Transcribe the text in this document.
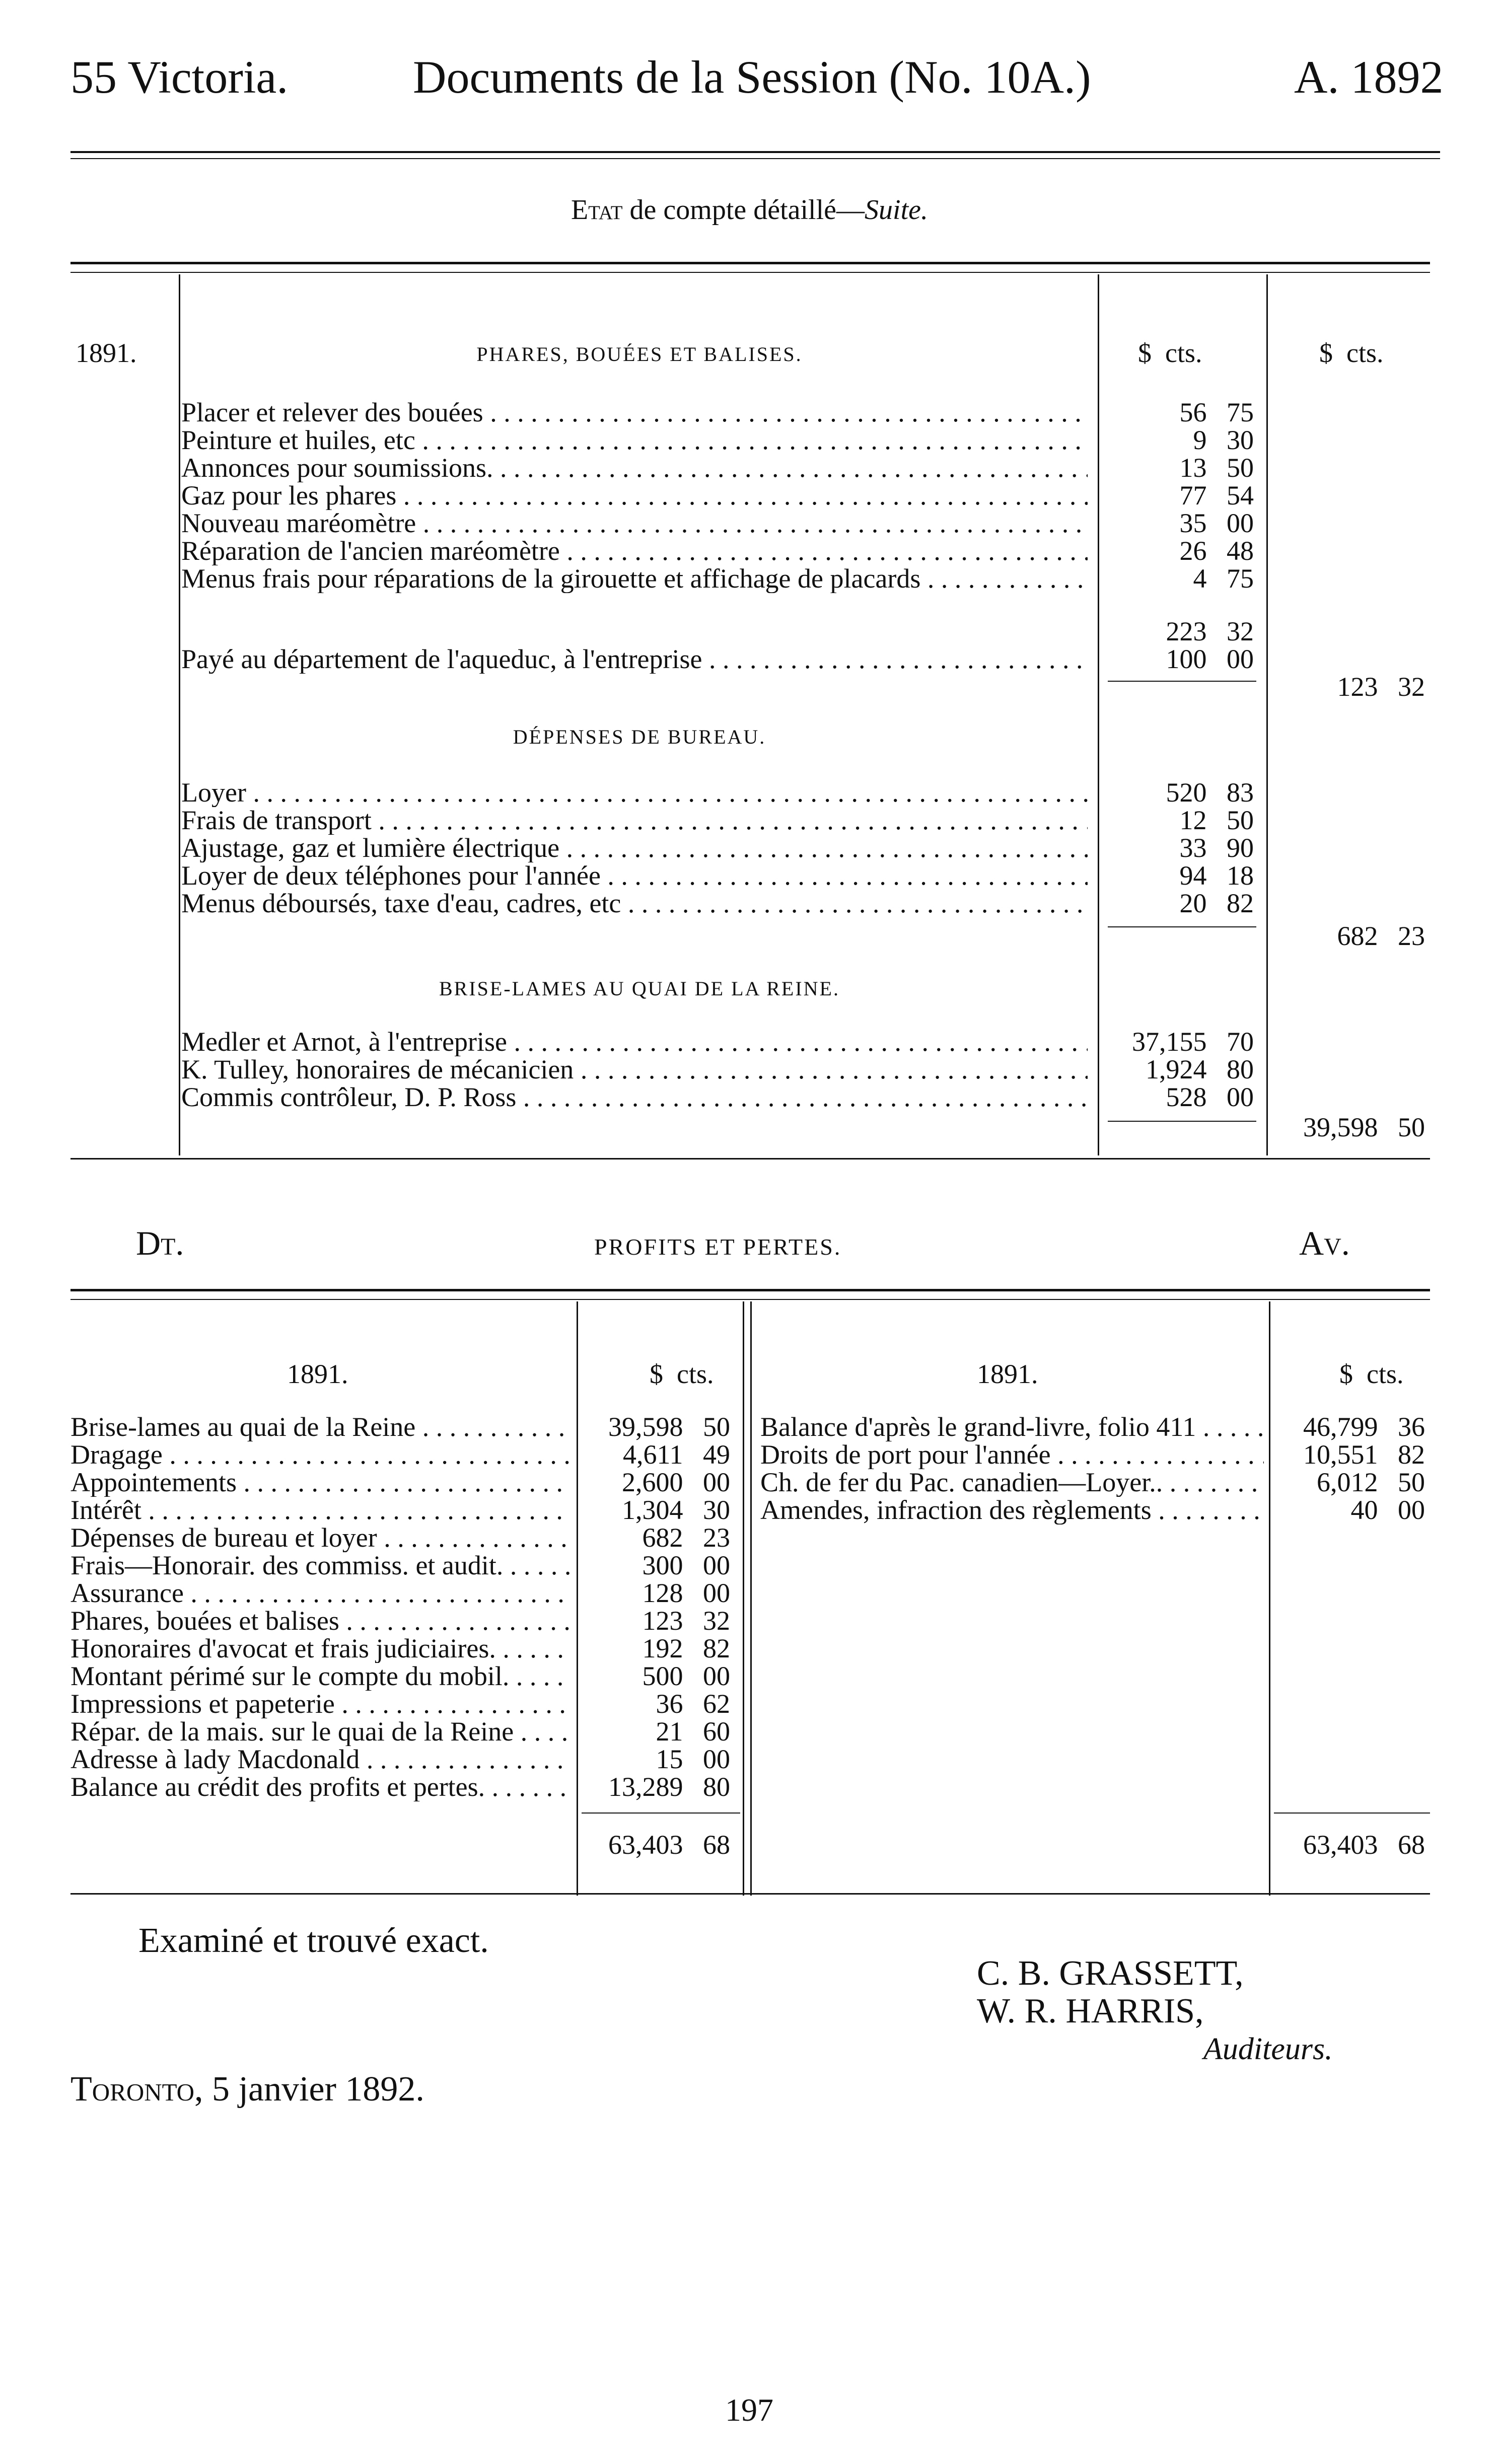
55 Victoria.	Documents de la Session (No. 10A.)	A. 1892
Etat de compte détaillé—Suite.
1891.	$ cts.	$ cts.
PHARES, BOUÉES ET BALISES.
Placer et relever des bouées . . .	56 75
Peinture et huiles, etc . . .	9 30
Annonces pour soumissions. . . .	13 50
Gaz pour les phares . . .	77 54
Nouveau maréomètre . . .	35 00
Réparation de l'ancien maréomètre . . .	26 48
Menus frais pour réparations de la girouette et affichage de placards . . .	4 75
223 32
Payé au département de l'aqueduc, à l'entreprise . . .	100 00
123 32
DÉPENSES DE BUREAU.
Loyer . . .	520 83
Frais de transport . . .	12 50
Ajustage, gaz et lumière électrique . . .	33 90
Loyer de deux téléphones pour l'année . . .	94 18
Menus déboursés, taxe d'eau, cadres, etc . . .	20 82
682 23
BRISE-LAMES AU QUAI DE LA REINE.
Medler et Arnot, à l'entreprise . . .	37,155 70
K. Tulley, honoraires de mécanicien . . .	1,924 80
Commis contrôleur, D. P. Ross . . .	528 00
39,598 50
Dt.	PROFITS ET PERTES.	Av.
1891.	$ cts.	1891.	$ cts.
Brise-lames au quai de la Reine . . .	39,598 50
Dragage . . .	4,611 49
Appointements . . .	2,600 00
Intérêt . . .	1,304 30
Dépenses de bureau et loyer . . .	682 23
Frais—Honorair. des commiss. et audit. . . .	300 00
Assurance . . .	128 00
Phares, bouées et balises . . .	123 32
Honoraires d'avocat et frais judiciaires. . . .	192 82
Montant périmé sur le compte du mobil. . . .	500 00
Impressions et papeterie . . .	36 62
Répar. de la mais. sur le quai de la Reine . . .	21 60
Adresse à lady Macdonald . . .	15 00
Balance au crédit des profits et pertes. . . .	13,289 80
63,403 68
Balance d'après le grand-livre, folio 411 . . .	46,799 36
Droits de port pour l'année . . .	10,551 82
Ch. de fer du Pac. canadien—Loyer.. . . .	6,012 50
Amendes, infraction des règlements . . .	40 00
63,403 68
Examiné et trouvé exact.
C. B. GRASSETT,
W. R. HARRIS,
Auditeurs.
Toronto, 5 janvier 1892.
197
